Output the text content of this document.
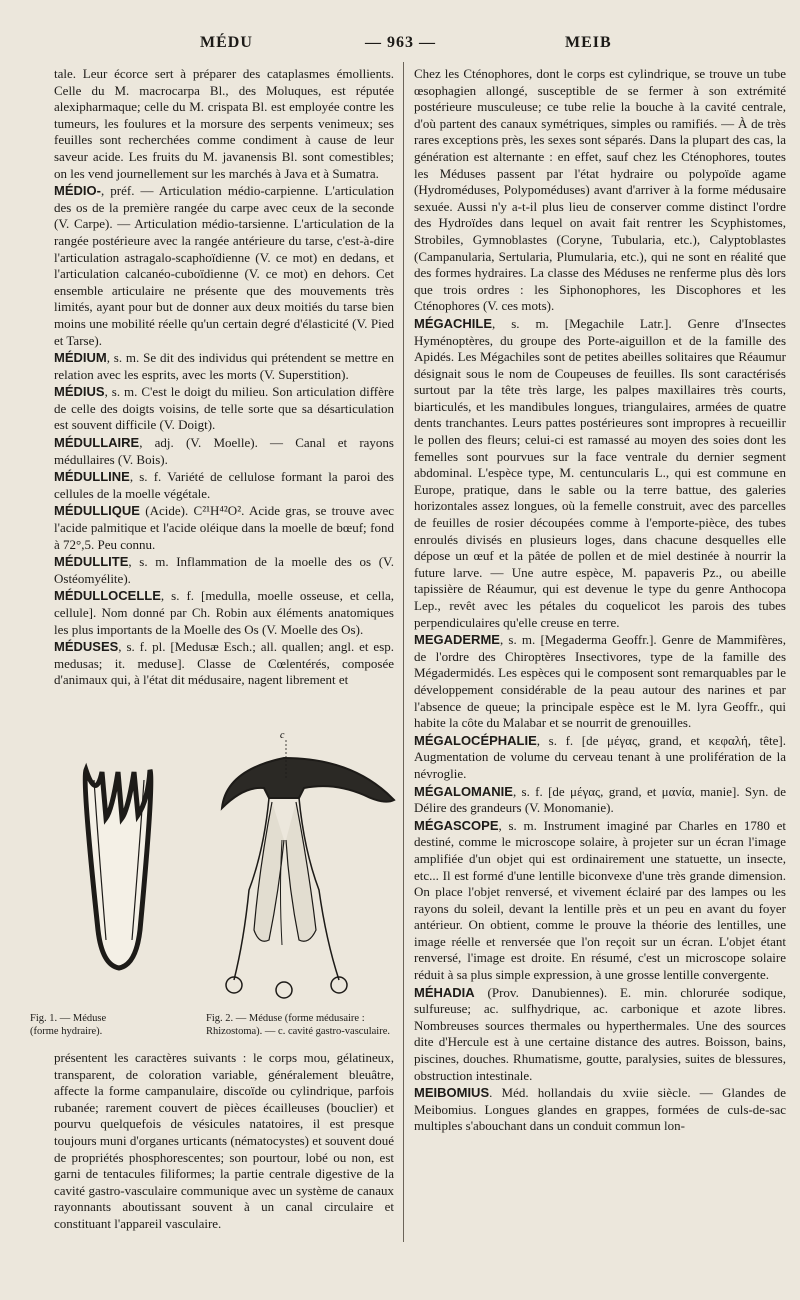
MÉDU	— 963 —	MEIB

tale. Leur écorce sert à préparer des cataplasmes émollients. Celle du M. macrocarpa Bl., des Moluques, est réputée alexipharmaque; celle du M. crispata Bl. est employée contre les tumeurs, les foulures et la morsure des serpents venimeux; ses feuilles sont recherchées comme condiment à cause de leur saveur acide. Les fruits du M. javanensis Bl. sont comestibles; on les vend journellement sur les marchés à Java et à Sumatra.

MÉDIO-, préf. — Articulation médio-carpienne. L'articulation des os de la première rangée du carpe avec ceux de la seconde (V. Carpe). — Articulation médio-tarsienne. L'articulation de la rangée postérieure avec la rangée antérieure du tarse, c'est-à-dire l'articulation astragalo-scaphoïdienne (V. ce mot) en dedans, et l'articulation calcanéo-cuboïdienne (V. ce mot) en dehors. Cet ensemble articulaire ne présente que des mouvements très limités, ayant pour but de donner aux deux moitiés du tarse bien moins une mobilité réelle qu'un certain degré d'élasticité (V. Pied et Tarse).

MÉDIUM, s. m. Se dit des individus qui prétendent se mettre en relation avec les esprits, avec les morts (V. Superstition).

MÉDIUS, s. m. C'est le doigt du milieu. Son articulation diffère de celle des doigts voisins, de telle sorte que sa désarticulation est souvent difficile (V. Doigt).

MÉDULLAIRE, adj. (V. Moelle). — Canal et rayons médullaires (V. Bois).

MÉDULLINE, s. f. Variété de cellulose formant la paroi des cellules de la moelle végétale.

MÉDULLIQUE (Acide). C²¹H⁴²O². Acide gras, se trouve avec l'acide palmitique et l'acide oléique dans la moelle de bœuf; fond à 72°,5. Peu connu.

MÉDULLITE, s. m. Inflammation de la moelle des os (V. Ostéomyélite).

MÉDULLOCELLE, s. f. [medulla, moelle osseuse, et cella, cellule]. Nom donné par Ch. Robin aux éléments anatomiques les plus importants de la Moelle des Os (V. Moelle des Os).

MÉDUSES, s. f. pl. [Medusæ Esch.; all. quallen; angl. et esp. medusas; it. meduse]. Classe de Cœlentérés, composée d'animaux qui, à l'état dit médusaire, nagent librement et

c
Fig. 1. — Méduse (forme hydraire).
Fig. 2. — Méduse (forme médusaire : Rhizostoma). — c. cavité gastro-vasculaire.

présentent les caractères suivants : le corps mou, gélatineux, transparent, de coloration variable, généralement bleuâtre, affecte la forme campanulaire, discoïde ou cylindrique, parfois rubanée; rarement couvert de pièces écailleuses (bouclier) et pourvu quelquefois de vésicules natatoires, il est presque toujours muni d'organes urticants (nématocystes) et souvent doué de propriétés phosphorescentes; son pourtour, lobé ou non, est garni de tentacules filiformes; la partie centrale digestive de la cavité gastro-vasculaire communique avec un système de canaux rayonnants aboutissant souvent à un canal circulaire et constituant l'appareil vasculaire.

Chez les Cténophores, dont le corps est cylindrique, se trouve un tube œsophagien allongé, susceptible de se fermer à son extrémité postérieure musculeuse; ce tube relie la bouche à la cavité centrale, d'où partent des canaux symétriques, simples ou ramifiés. — À de très rares exceptions près, les sexes sont séparés. Dans la plupart des cas, la génération est alternante : en effet, sauf chez les Cténophores, toutes les Méduses passent par l'état hydraire ou polypoïde agame (Hydroméduses, Polypoméduses) avant d'arriver à la forme médusaire sexuée. Aussi n'y a-t-il plus lieu de conserver comme distinct l'ordre des Hydroïdes dans lequel on avait fait rentrer les Scyphistomes, Strobiles, Gymnoblastes (Coryne, Tubularia, etc.), Calyptoblastes (Campanularia, Sertularia, Plumularia, etc.), qui ne sont en réalité que des formes hydraires. La classe des Méduses ne renferme plus dès lors que trois ordres : les Siphonophores, les Discophores et les Cténophores (V. ces mots).

MÉGACHILE, s. m. [Megachile Latr.]. Genre d'Insectes Hyménoptères, du groupe des Porte-aiguillon et de la famille des Apidés. Les Mégachiles sont de petites abeilles solitaires que Réaumur désignait sous le nom de Coupeuses de feuilles. Ils sont caractérisés surtout par la tête très large, les palpes maxillaires très courts, biarticulés, et les mandibules longues, triangulaires, armées de quatre dents tranchantes. Leurs pattes postérieures sont impropres à recueillir le pollen des fleurs; celui-ci est ramassé au moyen des soies dont les femelles sont pourvues sur la face ventrale du dernier segment abdominal. L'espèce type, M. centuncularis L., qui est commune en Europe, pratique, dans le sable ou la terre battue, des galeries horizontales assez longues, où la femelle construit, avec des parcelles de feuilles de rosier découpées comme à l'emporte-pièce, des tubes enroulés divisés en plusieurs loges, dans chacune desquelles elle dépose un œuf et la pâtée de pollen et de miel destinée à nourrir la future larve. — Une autre espèce, M. papaveris Pz., ou abeille tapissière de Réaumur, qui est devenue le type du genre Anthocopa Lep., revêt avec les pétales du coquelicot les parois des tubes perpendiculaires qu'elle creuse en terre.

MEGADERME, s. m. [Megaderma Geoffr.]. Genre de Mammifères, de l'ordre des Chiroptères Insectivores, type de la famille des Mégadermidés. Les espèces qui le composent sont remarquables par le développement considérable de la peau autour des narines et par l'absence de queue; la principale espèce est le M. lyra Geoffr., qui habite la côte du Malabar et se nourrit de grenouilles.

MÉGALOCÉPHALIE, s. f. [de μέγας, grand, et κεφαλή, tête]. Augmentation de volume du cerveau tenant à une prolifération de la névroglie.

MÉGALOMANIE, s. f. [de μέγας, grand, et μανία, manie]. Syn. de Délire des grandeurs (V. Monomanie).

MÉGASCOPE, s. m. Instrument imaginé par Charles en 1780 et destiné, comme le microscope solaire, à projeter sur un écran l'image amplifiée d'un objet qui est ordinairement une statuette, un insecte, etc... Il est formé d'une lentille biconvexe d'une très grande dimension. On place l'objet renversé, et vivement éclairé par des lampes ou les rayons du soleil, devant la lentille près et un peu en avant du foyer antérieur. On obtient, comme le prouve la théorie des lentilles, une image réelle et renversée que l'on reçoit sur un écran. L'objet étant renversé, l'image est droite. En résumé, c'est un microscope solaire réduit à sa plus simple expression, à une grosse lentille convergente.

MÉHADIA (Prov. Danubiennes). E. min. chlorurée sodique, sulfureuse; ac. sulfhydrique, ac. carbonique et azote libres. Nombreuses sources thermales ou hyperthermales. Une des sources dite d'Hercule est à une certaine distance des autres. Boisson, bains, piscines, douches. Rhumatisme, goutte, paralysies, suites de blessures, obstruction intestinale.

MEIBOMIUS. Méd. hollandais du xviie siècle. — Glandes de Meibomius. Longues glandes en grappes, formées de culs-de-sac multiples s'abouchant dans un conduit commun lon-
